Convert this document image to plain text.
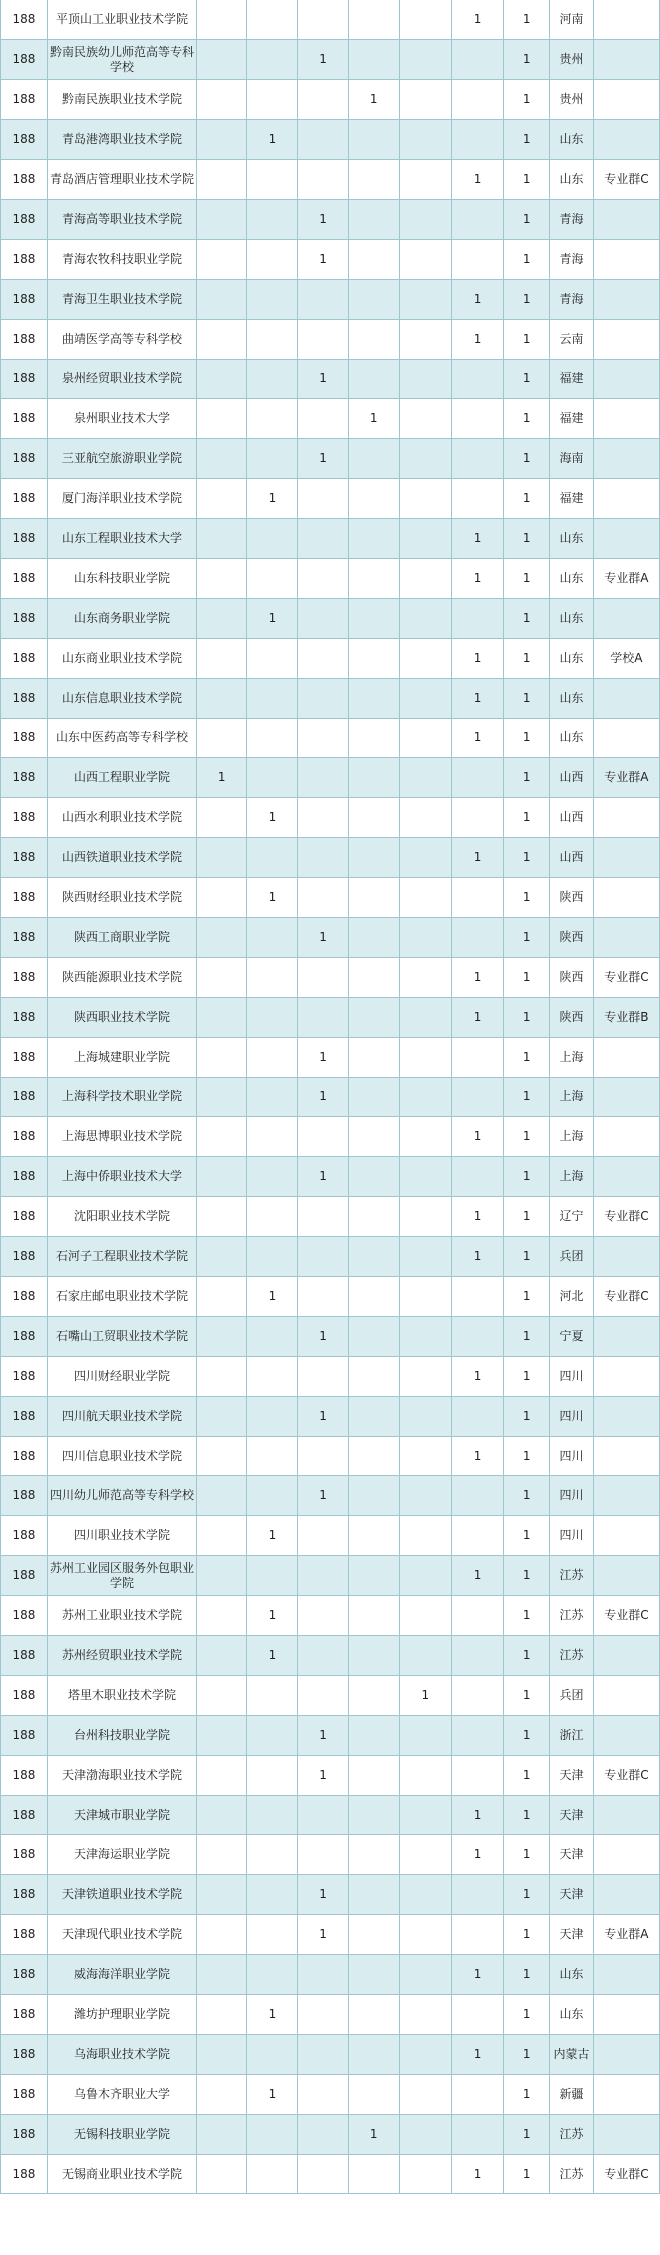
188	平顶山工业职业技术学院						1	1	河南	
188	黔南民族幼儿师范高等专科学校			1				1	贵州	
188	黔南民族职业技术学院				1			1	贵州	
188	青岛港湾职业技术学院		1					1	山东	
188	青岛酒店管理职业技术学院						1	1	山东	专业群C
188	青海高等职业技术学院			1				1	青海	
188	青海农牧科技职业学院			1				1	青海	
188	青海卫生职业技术学院						1	1	青海	
188	曲靖医学高等专科学校						1	1	云南	
188	泉州经贸职业技术学院			1				1	福建	
188	泉州职业技术大学				1			1	福建	
188	三亚航空旅游职业学院			1				1	海南	
188	厦门海洋职业技术学院		1					1	福建	
188	山东工程职业技术大学						1	1	山东	
188	山东科技职业学院						1	1	山东	专业群A
188	山东商务职业学院		1					1	山东	
188	山东商业职业技术学院						1	1	山东	学校A
188	山东信息职业技术学院						1	1	山东	
188	山东中医药高等专科学校						1	1	山东	
188	山西工程职业学院	1						1	山西	专业群A
188	山西水利职业技术学院		1					1	山西	
188	山西铁道职业技术学院						1	1	山西	
188	陕西财经职业技术学院		1					1	陕西	
188	陕西工商职业学院			1				1	陕西	
188	陕西能源职业技术学院						1	1	陕西	专业群C
188	陕西职业技术学院						1	1	陕西	专业群B
188	上海城建职业学院			1				1	上海	
188	上海科学技术职业学院			1				1	上海	
188	上海思博职业技术学院						1	1	上海	
188	上海中侨职业技术大学			1				1	上海	
188	沈阳职业技术学院						1	1	辽宁	专业群C
188	石河子工程职业技术学院						1	1	兵团	
188	石家庄邮电职业技术学院		1					1	河北	专业群C
188	石嘴山工贸职业技术学院			1				1	宁夏	
188	四川财经职业学院						1	1	四川	
188	四川航天职业技术学院			1				1	四川	
188	四川信息职业技术学院						1	1	四川	
188	四川幼儿师范高等专科学校			1				1	四川	
188	四川职业技术学院		1					1	四川	
188	苏州工业园区服务外包职业学院						1	1	江苏	
188	苏州工业职业技术学院		1					1	江苏	专业群C
188	苏州经贸职业技术学院		1					1	江苏	
188	塔里木职业技术学院					1		1	兵团	
188	台州科技职业学院			1				1	浙江	
188	天津渤海职业技术学院			1				1	天津	专业群C
188	天津城市职业学院						1	1	天津	
188	天津海运职业学院						1	1	天津	
188	天津铁道职业技术学院			1				1	天津	
188	天津现代职业技术学院			1				1	天津	专业群A
188	威海海洋职业学院						1	1	山东	
188	潍坊护理职业学院		1					1	山东	
188	乌海职业技术学院						1	1	内蒙古	
188	乌鲁木齐职业大学		1					1	新疆	
188	无锡科技职业学院				1			1	江苏	
188	无锡商业职业技术学院						1	1	江苏	专业群C
